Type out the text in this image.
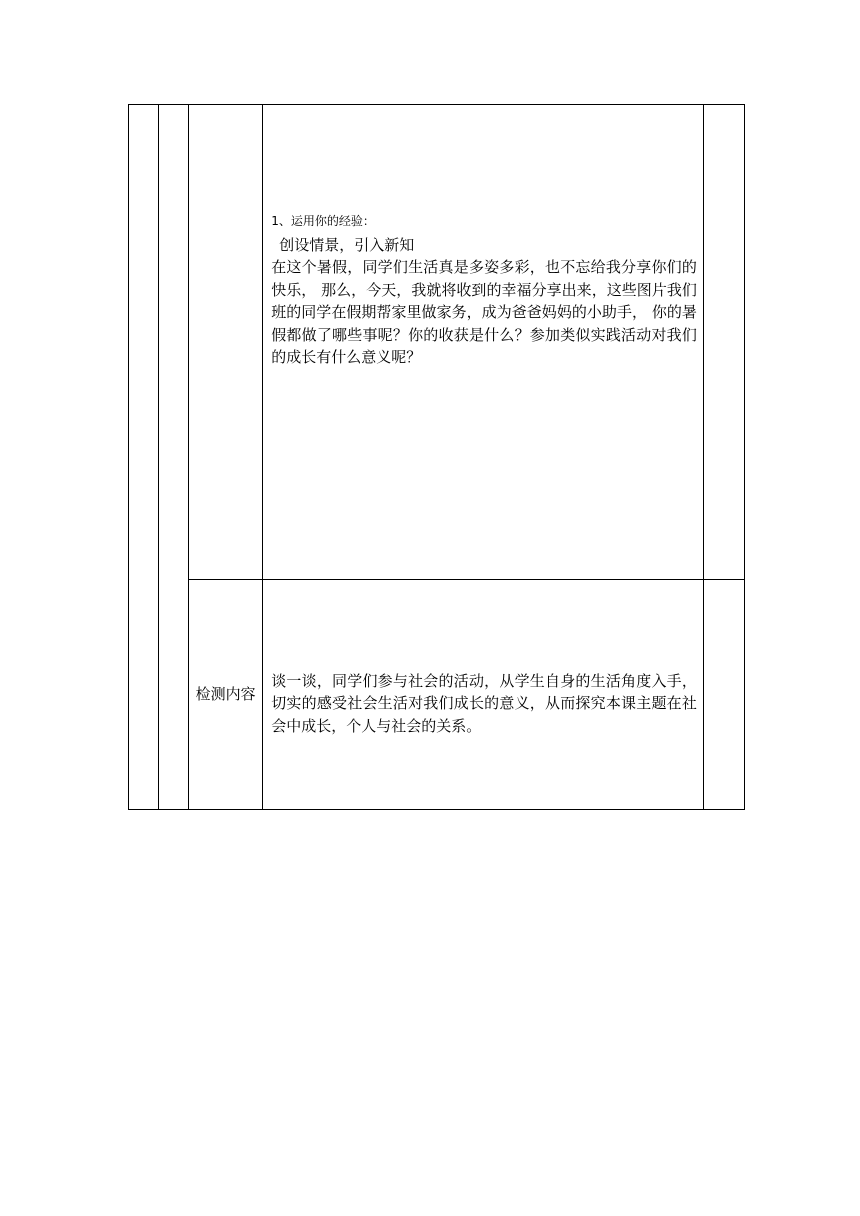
			1、运用你的经验：
创设情景，引入新知
在这个暑假，同学们生活真是多姿多彩，也不忘给我分享你们的快乐， 那么，今天，我就将收到的幸福分享出来，这些图片我们班的同学在假期帮家里做家务，成为爸爸妈妈的小助手， 你的暑假都做了哪些事呢？你的收获是什么？参加类似实践活动对我们的成长有什么意义呢？	

		检测内容	谈一谈，同学们参与社会的活动，从学生自身的生活角度入手，切实的感受社会生活对我们成长的意义，从而探究本课主题在社会中成长，个人与社会的关系。	
